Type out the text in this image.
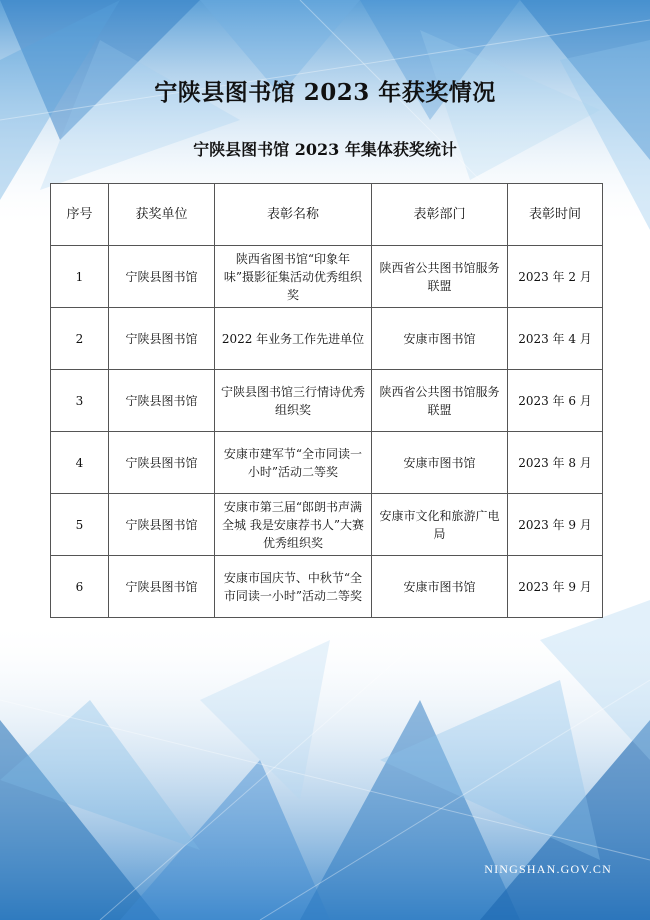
宁陕县图书馆 2023 年获奖情况
宁陕县图书馆 2023 年集体获奖统计
序号	获奖单位	表彰名称	表彰部门	表彰时间
1	宁陕县图书馆	陕西省图书馆“印象年味”摄影征集活动优秀组织奖	陕西省公共图书馆服务联盟	2023 年 2 月
2	宁陕县图书馆	2022 年业务工作先进单位	安康市图书馆	2023 年 4 月
3	宁陕县图书馆	宁陕县图书馆三行情诗优秀组织奖	陕西省公共图书馆服务联盟	2023 年 6 月
4	宁陕县图书馆	安康市建军节“全市同读一小时”活动二等奖	安康市图书馆	2023 年 8 月
5	宁陕县图书馆	安康市第三届“郎朗书声满全城 我是安康荐书人”大赛优秀组织奖	安康市文化和旅游广电局	2023 年 9 月
6	宁陕县图书馆	安康市国庆节、中秋节“全市同读一小时”活动二等奖	安康市图书馆	2023 年 9 月
NINGSHAN.GOV.CN
